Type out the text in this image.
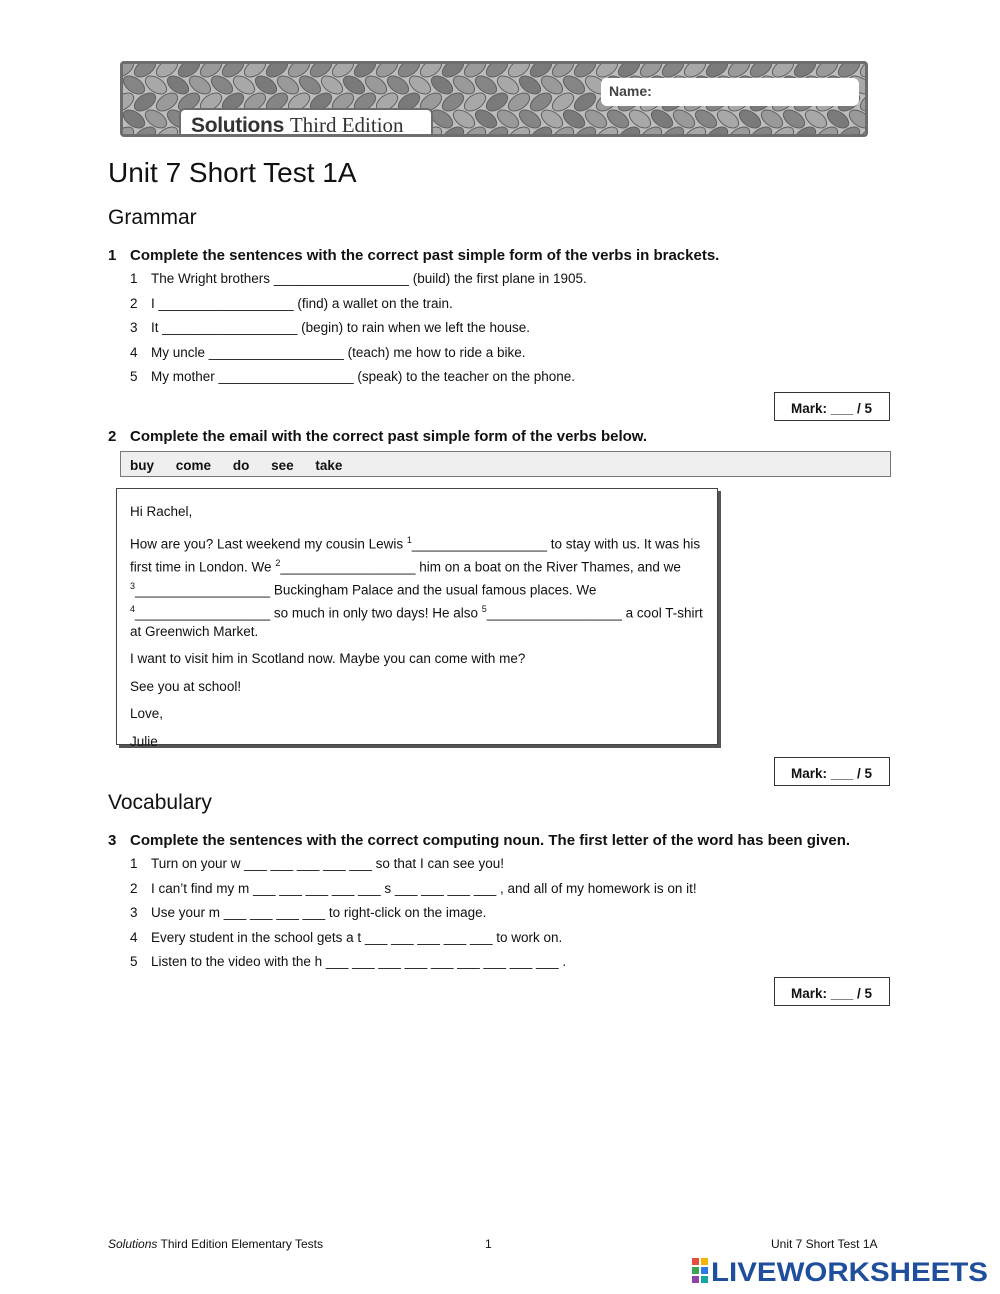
Name:
Solutions Third Edition
Unit 7 Short Test 1A
Grammar
1 Complete the sentences with the correct past simple form of the verbs in brackets.
1 The Wright brothers __________________ (build) the first plane in 1905.
2 I __________________ (find) a wallet on the train.
3 It __________________ (begin) to rain when we left the house.
4 My uncle __________________ (teach) me how to ride a bike.
5 My mother __________________ (speak) to the teacher on the phone.
Mark: ___ / 5
2 Complete the email with the correct past simple form of the verbs below.
buy come do see take

Hi Rachel,

How are you? Last weekend my cousin Lewis $^1$__________________ to stay with us. It was his first time in London. We $^2$__________________ him on a boat on the River Thames, and we $^3$__________________ Buckingham Palace and the usual famous places. We $^4$__________________ so much in only two days! He also $^5$__________________ a cool T-shirt at Greenwich Market.

I want to visit him in Scotland now. Maybe you can come with me?

See you at school!

Love,

Julie

Mark: ___ / 5
Vocabulary
3 Complete the sentences with the correct computing noun. The first letter of the word has been given.
1 Turn on your w ___ ___ ___ ___ ___ so that I can see you!
2 I can’t find my m ___ ___ ___ ___ ___ s ___ ___ ___ ___ , and all of my homework is on it!
3 Use your m ___ ___ ___ ___ to right-click on the image.
4 Every student in the school gets a t ___ ___ ___ ___ ___ to work on.
5 Listen to the video with the h ___ ___ ___ ___ ___ ___ ___ ___ ___ .
Mark: ___ / 5
Solutions Third Edition Elementary Tests	1	Unit 7 Short Test 1A
LIVEWORKSHEETS
